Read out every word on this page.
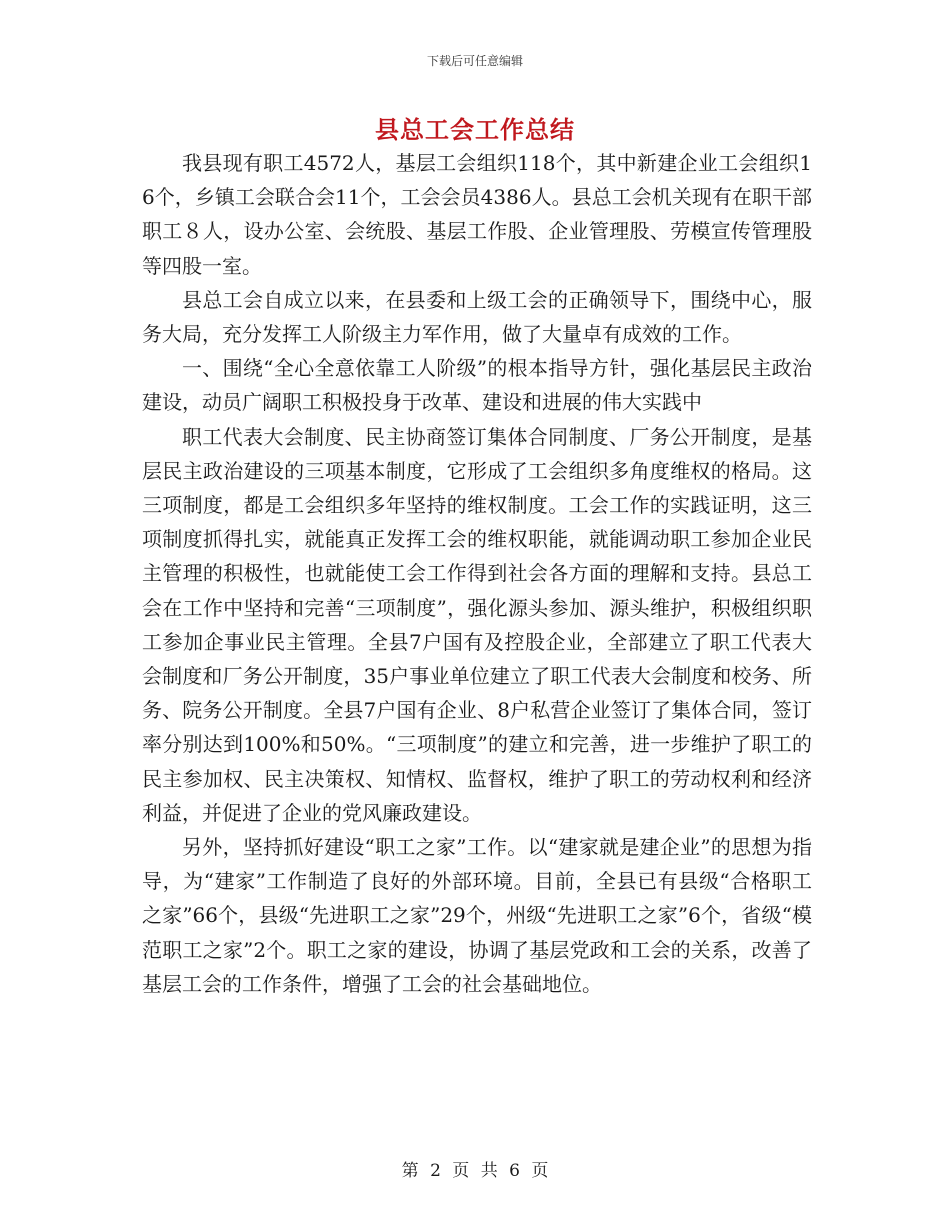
下载后可任意编辑
县总工会工作总结

我县现有职工4572人，基层工会组织118个，其中新建企业工会组织16个，乡镇工会联合会11个，工会会员4386人。县总工会机关现有在职干部职工８人，设办公室、会统股、基层工作股、企业管理股、劳模宣传管理股等四股一室。

县总工会自成立以来，在县委和上级工会的正确领导下，围绕中心，服务大局，充分发挥工人阶级主力军作用，做了大量卓有成效的工作。

一、围绕“全心全意依靠工人阶级”的根本指导方针，强化基层民主政治建设，动员广阔职工积极投身于改革、建设和进展的伟大实践中

职工代表大会制度、民主协商签订集体合同制度、厂务公开制度，是基层民主政治建设的三项基本制度，它形成了工会组织多角度维权的格局。这三项制度，都是工会组织多年坚持的维权制度。工会工作的实践证明，这三项制度抓得扎实，就能真正发挥工会的维权职能，就能调动职工参加企业民主管理的积极性，也就能使工会工作得到社会各方面的理解和支持。县总工会在工作中坚持和完善“三项制度”，强化源头参加、源头维护，积极组织职工参加企事业民主管理。全县7户国有及控股企业，全部建立了职工代表大会制度和厂务公开制度，35户事业单位建立了职工代表大会制度和校务、所务、院务公开制度。全县7户国有企业、8户私营企业签订了集体合同，签订率分别达到100%和50%。“三项制度”的建立和完善，进一步维护了职工的民主参加权、民主决策权、知情权、监督权，维护了职工的劳动权利和经济利益，并促进了企业的党风廉政建设。

另外，坚持抓好建设“职工之家”工作。以“建家就是建企业”的思想为指导，为“建家”工作制造了良好的外部环境。目前，全县已有县级“合格职工之家”66个，县级“先进职工之家”29个，州级“先进职工之家”6个，省级“模范职工之家”2个。职工之家的建设，协调了基层党政和工会的关系，改善了基层工会的工作条件，增强了工会的社会基础地位。

第 2 页 共 6 页
